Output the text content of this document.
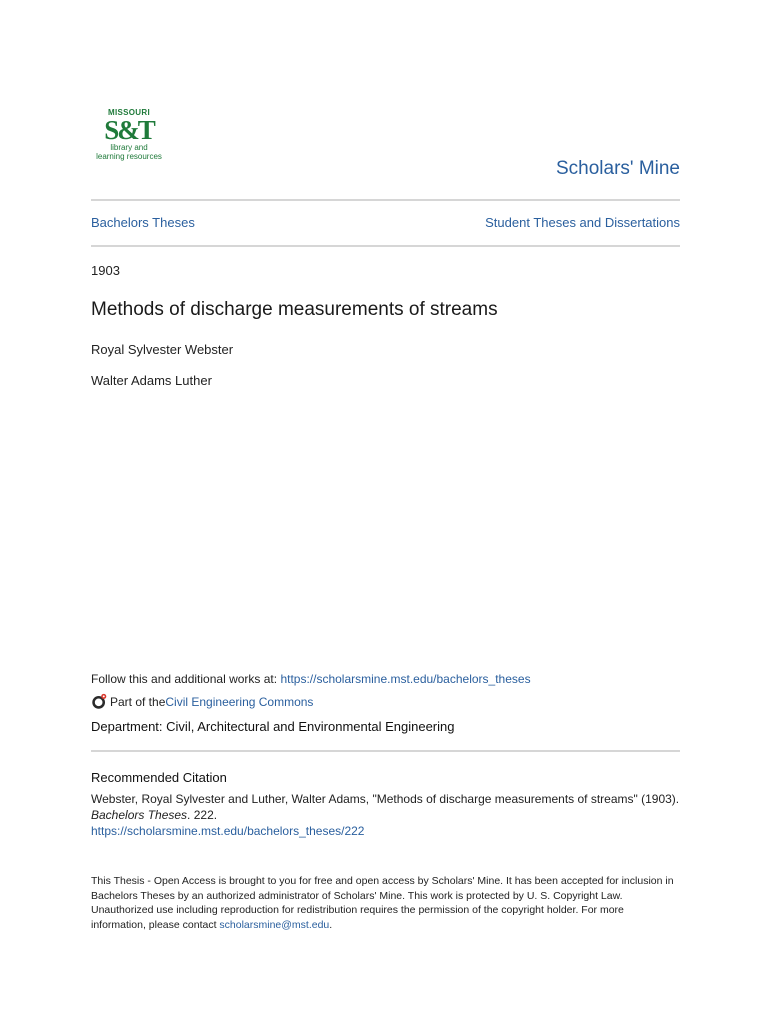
MISSOURI
S&T
library and
learning resources
Scholars' Mine
Bachelors Theses	Student Theses and Dissertations
1903
Methods of discharge measurements of streams
Royal Sylvester Webster
Walter Adams Luther
Follow this and additional works at: https://scholarsmine.mst.edu/bachelors_theses
Part of the Civil Engineering Commons
Department: Civil, Architectural and Environmental Engineering
Recommended Citation
Webster, Royal Sylvester and Luther, Walter Adams, "Methods of discharge measurements of streams" (1903). Bachelors Theses. 222.
https://scholarsmine.mst.edu/bachelors_theses/222
This Thesis - Open Access is brought to you for free and open access by Scholars' Mine. It has been accepted for inclusion in Bachelors Theses by an authorized administrator of Scholars' Mine. This work is protected by U. S. Copyright Law. Unauthorized use including reproduction for redistribution requires the permission of the copyright holder. For more information, please contact scholarsmine@mst.edu.
